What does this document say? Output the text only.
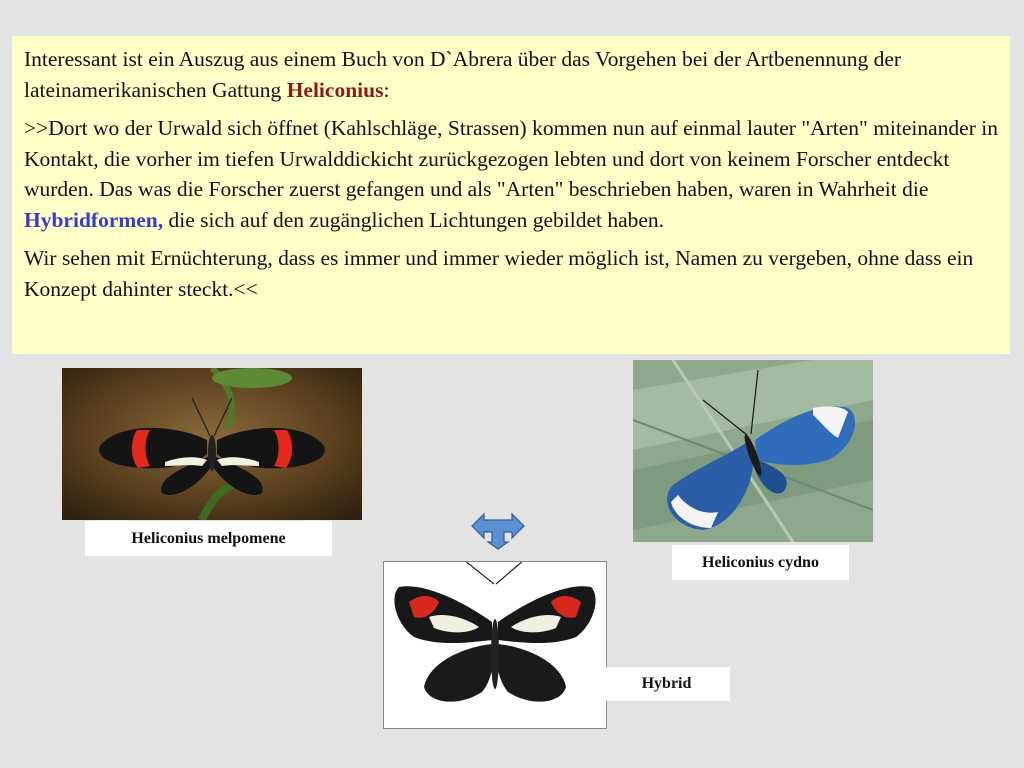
Interessant ist ein Auszug aus einem Buch von D`Abrera über das Vorgehen bei der Artbenennung der lateinamerikanischen Gattung Heliconius:

>>Dort wo der Urwald sich öffnet (Kahlschläge, Strassen) kommen nun auf einmal lauter "Arten" miteinander in Kontakt, die vorher im tiefen Urwalddickicht zurückgezogen lebten und dort von keinem Forscher entdeckt wurden. Das was die Forscher zuerst gefangen und als "Arten" beschrieben haben, waren in Wahrheit die Hybridformen, die sich auf den zugänglichen Lichtungen gebildet haben.

Wir sehen mit Ernüchterung, dass es immer und immer wieder möglich ist, Namen zu vergeben, ohne dass ein Konzept dahinter steckt.<<

Heliconius melpomene
Heliconius cydno
Hybrid
